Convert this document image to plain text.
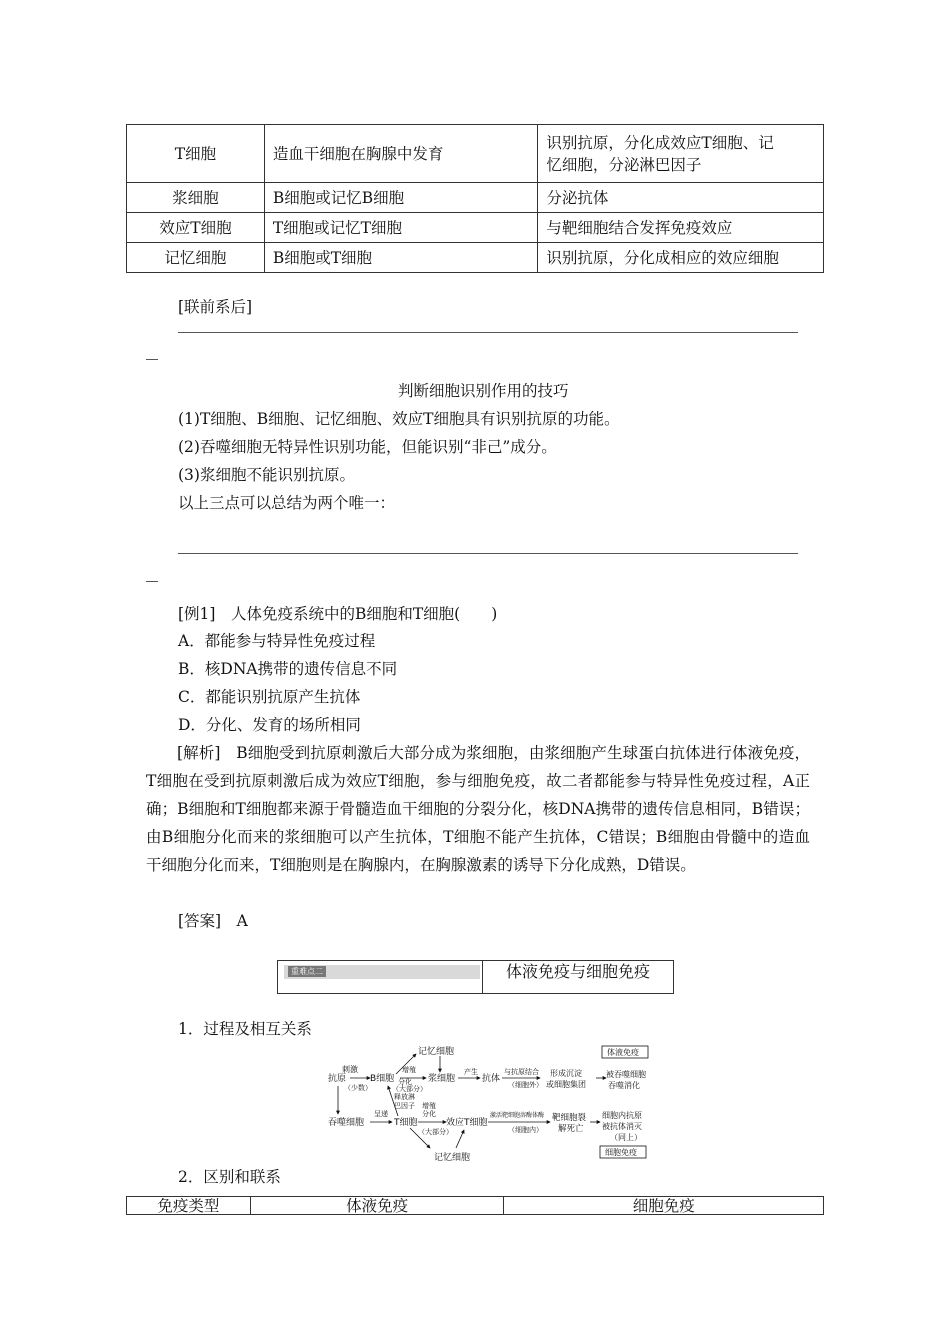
T细胞	造血干细胞在胸腺中发育	识别抗原，分化成效应T细胞、记
忆细胞，分泌淋巴因子
浆细胞	B细胞或记忆B细胞	分泌抗体
效应T细胞	T细胞或记忆T细胞	与靶细胞结合发挥免疫效应
记忆细胞	B细胞或T细胞	识别抗原，分化成相应的效应细胞
[联前系后]
判断细胞识别作用的技巧
(1)T细胞、B细胞、记忆细胞、效应T细胞具有识别抗原的功能。
(2)吞噬细胞无特异性识别功能，但能识别“非己”成分。
(3)浆细胞不能识别抗原。
以上三点可以总结为两个唯一：
[例1]　人体免疫系统中的B细胞和T细胞(　　)
A．都能参与特异性免疫过程
B．核DNA携带的遗传信息不同
C．都能识别抗原产生抗体
D．分化、发育的场所相同
[解析]　B细胞受到抗原刺激后大部分成为浆细胞，由浆细胞产生球蛋白抗体进行体液免疫，T细胞在受到抗原刺激后成为效应T细胞，参与细胞免疫，故二者都能参与特异性免疫过程，A正确；B细胞和T细胞都来源于骨髓造血干细胞的分裂分化，核DNA携带的遗传信息相同，B错误；由B细胞分化而来的浆细胞可以产生抗体，T细胞不能产生抗体，C错误；B细胞由骨髓中的造血干细胞分化而来，T细胞则是在胸腺内，在胸腺激素的诱导下分化成熟，D错误。
[答案]　A
重难点二	体液免疫与细胞免疫
1．过程及相互关系
刺激
抗原
（少数）
B细胞
增殖
分化
（大部分）
记忆细胞
浆细胞
产生
抗体
与抗原结合
（细胞外）
形成沉淀
或细胞集团
体液免疫
被吞噬细胞
吞噬消化
释放淋
巴因子
吞噬细胞
呈递
T细胞
增殖
分化
（大部分）
效应T细胞
激活靶细胞溶酶体酶
（细胞内）
靶细胞裂
解死亡
细胞内抗原
被抗体消灭
（同上）
细胞免疫
记忆细胞
2．区别和联系
免疫类型	体液免疫	细胞免疫
